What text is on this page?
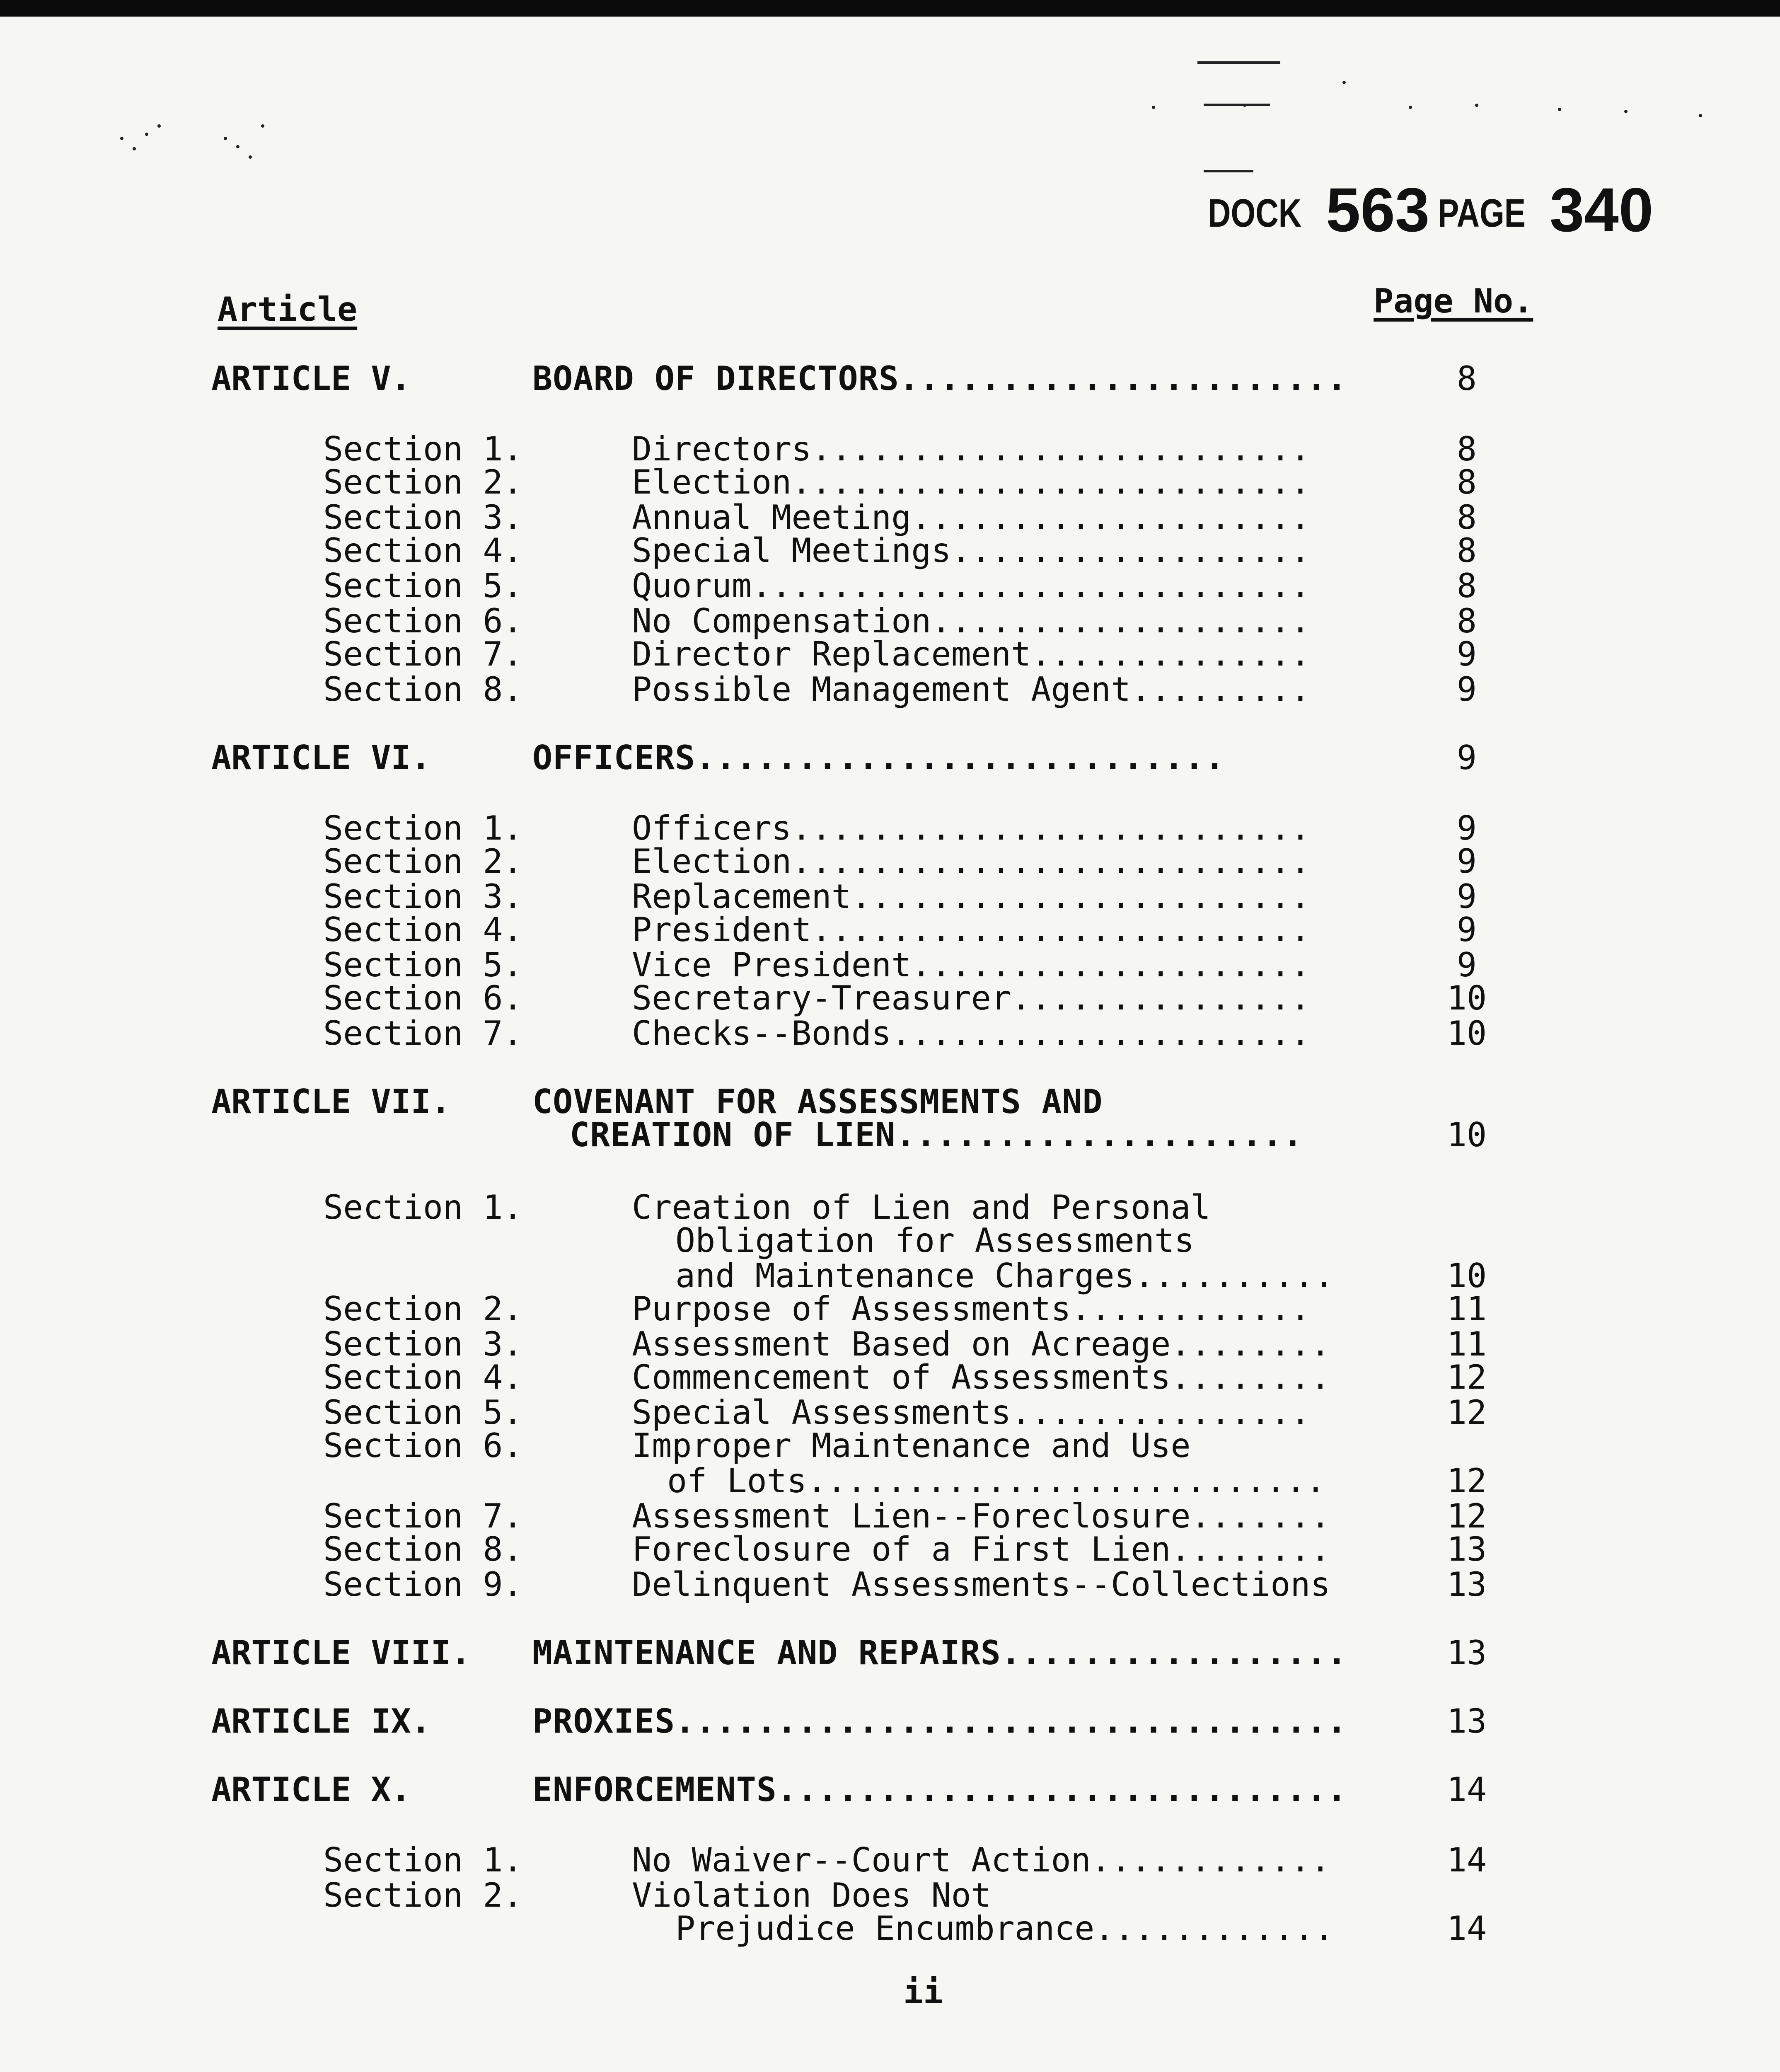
DOCK 563 PAGE 340
Article	Page No.
ARTICLE V.	BOARD OF DIRECTORS......................	8
Section 1.	Directors.........................	8
Section 2.	Election..........................	8
Section 3.	Annual Meeting....................	8
Section 4.	Special Meetings..................	8
Section 5.	Quorum............................	8
Section 6.	No Compensation...................	8
Section 7.	Director Replacement..............	9
Section 8.	Possible Management Agent.........	9
ARTICLE VI.	OFFICERS..........................	9
Section 1.	Officers..........................	9
Section 2.	Election..........................	9
Section 3.	Replacement.......................	9
Section 4.	President.........................	9
Section 5.	Vice President....................	9
Section 6.	Secretary-Treasurer...............	10
Section 7.	Checks--Bonds.....................	10
ARTICLE VII. COVENANT FOR ASSESSMENTS AND
CREATION OF LIEN....................	10
Section 1.	Creation of Lien and Personal
Obligation for Assessments
and Maintenance Charges..........	10
Section 2.	Purpose of Assessments............	11
Section 3.	Assessment Based on Acreage........	11
Section 4.	Commencement of Assessments........	12
Section 5.	Special Assessments...............	12
Section 6.	Improper Maintenance and Use
of Lots..........................	12
Section 7.	Assessment Lien--Foreclosure.......	12
Section 8.	Foreclosure of a First Lien........	13
Section 9.	Delinquent Assessments--Collections	13
ARTICLE VIII. MAINTENANCE AND REPAIRS.................	13
ARTICLE IX.	PROXIES.................................	13
ARTICLE X.	ENFORCEMENTS............................	14
Section 1.	No Waiver--Court Action............	14
Section 2.	Violation Does Not
Prejudice Encumbrance............	14
ii
